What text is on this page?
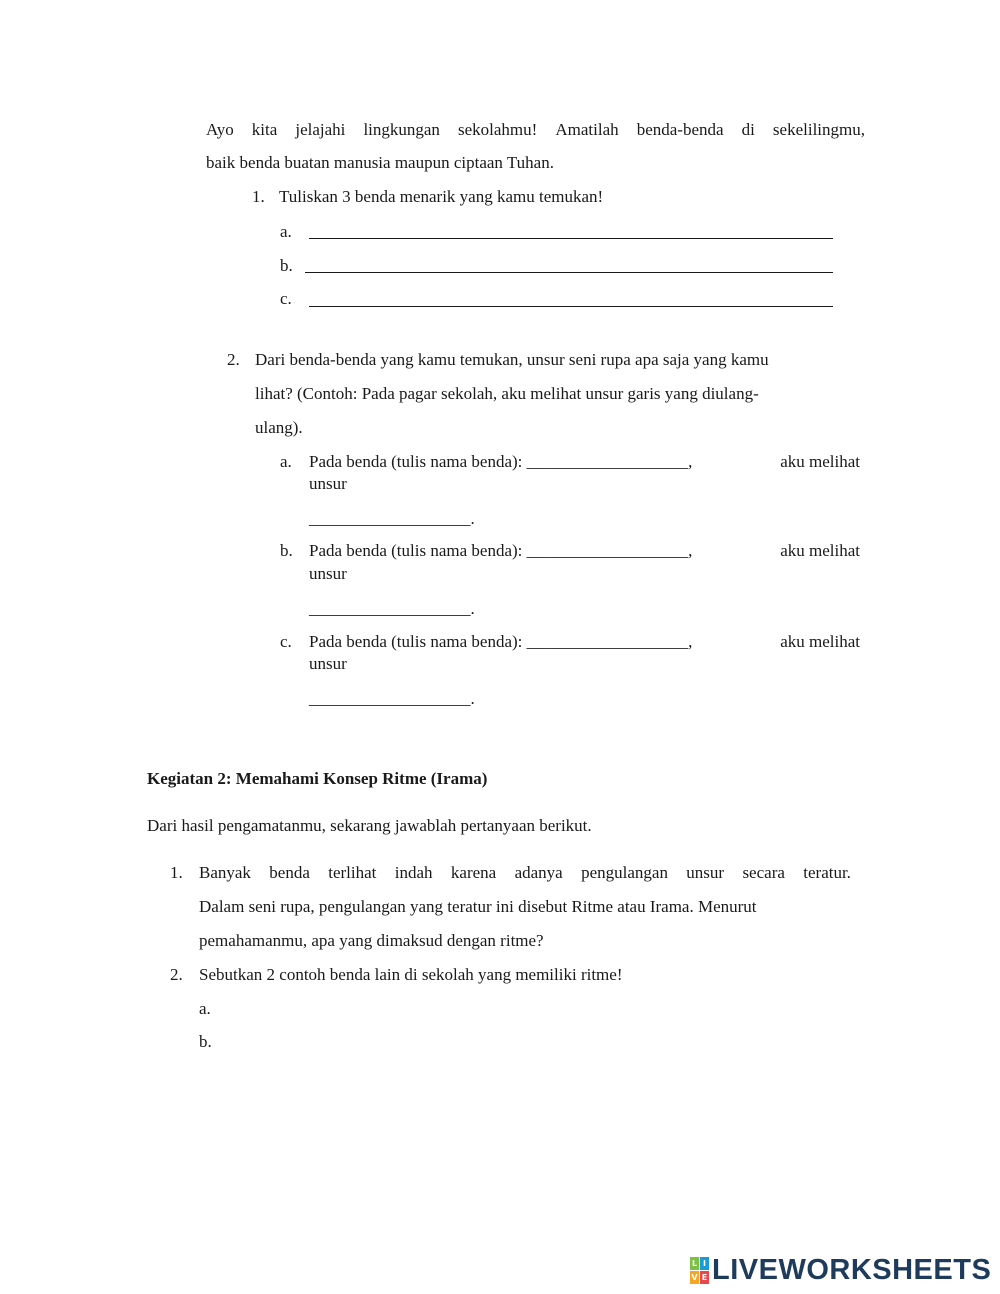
Ayo kita jelajahi lingkungan sekolahmu! Amatilah benda-benda di sekelilingmu,
baik benda buatan manusia maupun ciptaan Tuhan.
1. Tuliskan 3 benda menarik yang kamu temukan!
a.
b.
c.
2. Dari benda-benda yang kamu temukan, unsur seni rupa apa saja yang kamu
lihat? (Contoh: Pada pagar sekolah, aku melihat unsur garis yang diulang-
ulang).
a. Pada benda (tulis nama benda): ___________________,	aku melihat
unsur
___________________.
b. Pada benda (tulis nama benda): ___________________,	aku melihat
unsur
___________________.
c. Pada benda (tulis nama benda): ___________________,	aku melihat
unsur
___________________.
Kegiatan 2: Memahami Konsep Ritme (Irama)
Dari hasil pengamatanmu, sekarang jawablah pertanyaan berikut.
1. Banyak benda terlihat indah karena adanya pengulangan unsur secara teratur.
Dalam seni rupa, pengulangan yang teratur ini disebut Ritme atau Irama. Menurut
pemahamanmu, apa yang dimaksud dengan ritme?
2. Sebutkan 2 contoh benda lain di sekolah yang memiliki ritme!
a.
b.
L I
V E LIVEWORKSHEETS
